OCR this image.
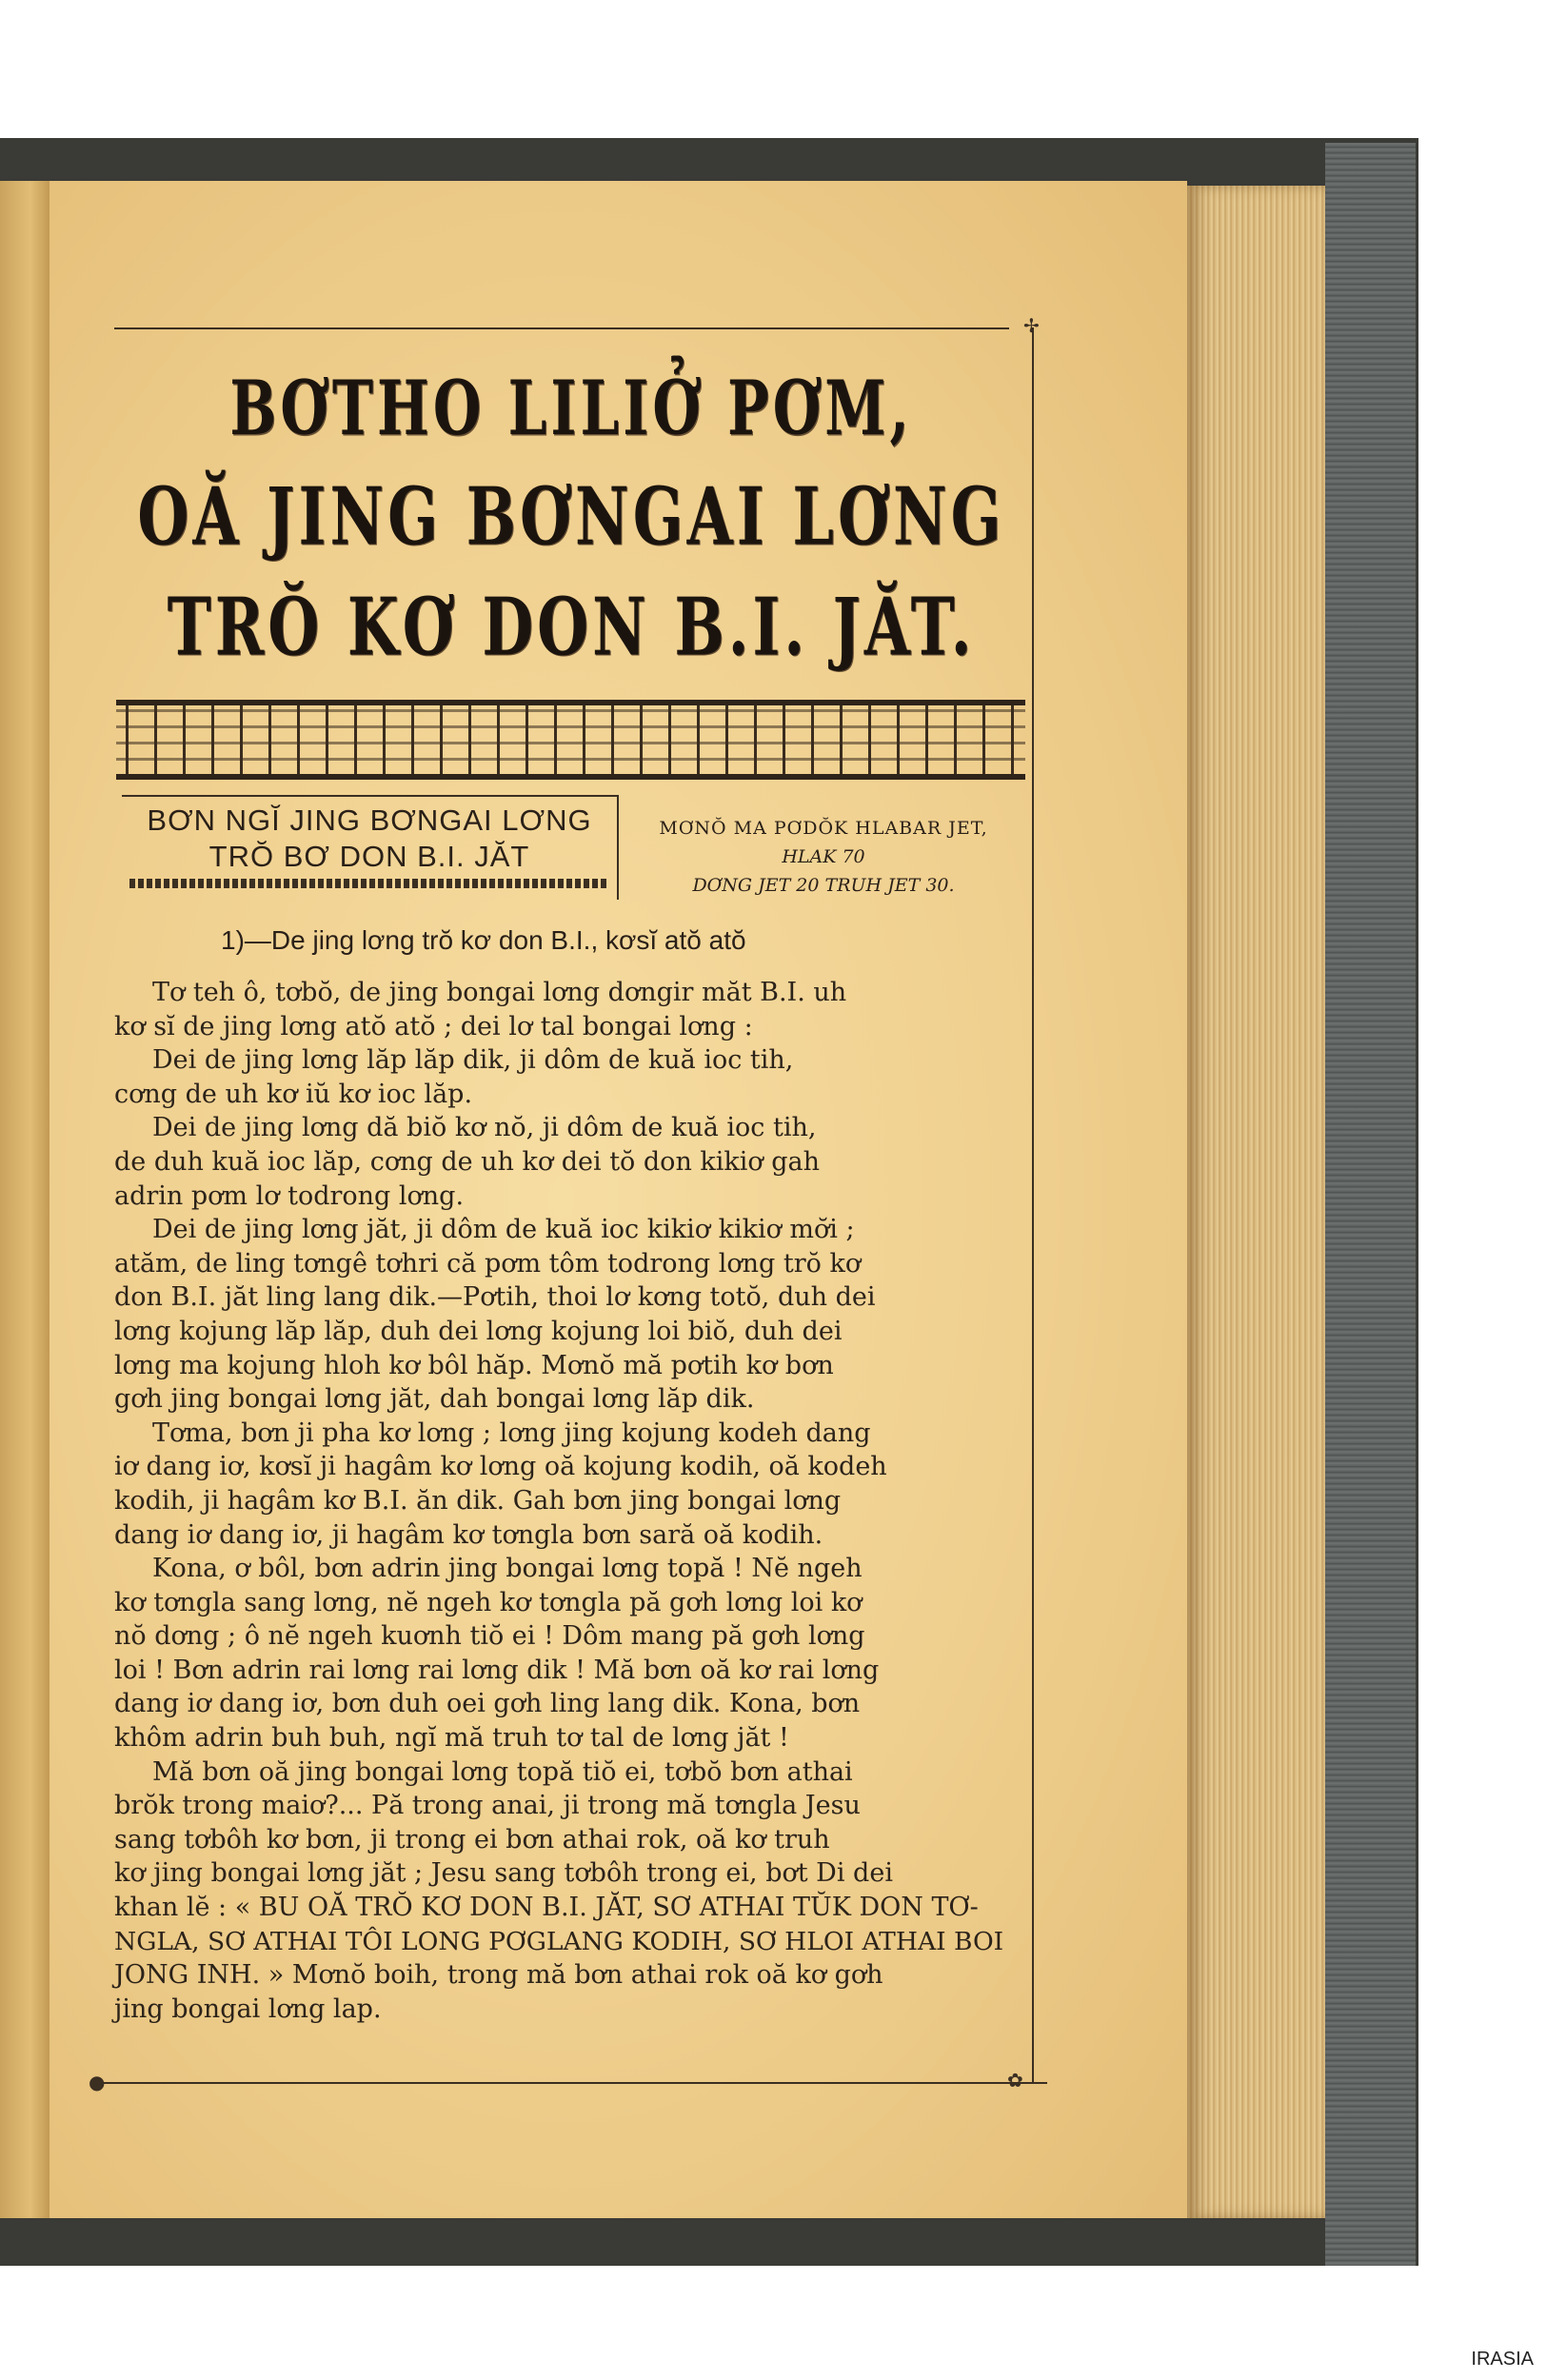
✢
●	✿
BƠTHO LILIỞ PƠM,
OĂ JING BƠNGAI LƠNG
TRŎ KƠ DON B.I. JĂT.
BƠN NGĬ JING BƠNGAI LƠNG
TRŎ BƠ DON B.I. JĂT
MƠNŎ MA PƠDŎK HLABAR JET,
HLAK 70
DƠNG JET 20 TRUH JET 30.
1)—De jing lơng trŏ kơ don B.I., kơsĭ atŏ atŏ
Tơ teh ô, tơbŏ, de jing bongai lơng dơngir măt B.I. uh
kơ sĭ de jing lơng atŏ atŏ ; dei lơ tal bongai lơng :
Dei de jing lơng lăp lăp dik, ji dôm de kuă ioc tih,
cơng de uh kơ iŭ kơ ioc lăp.
Dei de jing lơng dă biŏ kơ nŏ, ji dôm de kuă ioc tih,
de duh kuă ioc lăp, cơng de uh kơ dei tŏ don kikiơ gah
adrin pơm lơ todrong lơng.
Dei de jing lơng jăt, ji dôm de kuă ioc kikiơ kikiơ mơ̆i ;
atăm, de ling tơngê tơhri că pơm tôm todrong lơng trŏ kơ
don B.I. jăt ling lang dik.—Pơtih, thoi lơ kơng totŏ, duh dei
lơng kojung lăp lăp, duh dei lơng kojung loi biŏ, duh dei
lơng ma kojung hloh kơ bôl hăp. Mơnŏ mă pơtih kơ bơn
gơh jing bongai lơng jăt, dah bongai lơng lăp dik.
Tơma, bơn ji pha kơ lơng ; lơng jing kojung kodeh dang
iơ dang iơ, kơsĭ ji hagâm kơ lơng oă kojung kodih, oă kodeh
kodih, ji hagâm kơ B.I. ăn dik. Gah bơn jing bongai lơng
dang iơ dang iơ, ji hagâm kơ tơngla bơn sară oă kodih.
Kona, ơ bôl, bơn adrin jing bongai lơng topă ! Nĕ ngeh
kơ tơngla sang lơng, nĕ ngeh kơ tơngla pă gơh lơng loi kơ
nŏ dơng ; ô nĕ ngeh kuơnh tiŏ ei ! Dôm mang pă gơh lơng
loi ! Bơn adrin rai lơng rai lơng dik ! Mă bơn oă kơ rai lơng
dang iơ dang iơ, bơn duh oei gơh ling lang dik. Kona, bơn
khôm adrin buh buh, ngĭ mă truh tơ tal de lơng jăt !
Mă bơn oă jing bongai lơng topă tiŏ ei, tơbŏ bơn athai
brŏk trong maiơ?... Pă trong anai, ji trong mă tơngla Jesu
sang tơbôh kơ bơn, ji trong ei bơn athai rok, oă kơ truh
kơ jing bongai lơng jăt ; Jesu sang tơbôh trong ei, bơt Di dei
khan lĕ : « BU OĂ TRŎ KƠ DON B.I. JĂT, SƠ ATHAI TŬK DON TƠ-
NGLA, SƠ ATHAI TÔI LONG PƠGLANG KODIH, SƠ HLOI ATHAI BOI
JONG INH. » Mơnŏ boih, trong mă bơn athai rok oă kơ gơh
jing bongai lơng lap.
IRASIA
